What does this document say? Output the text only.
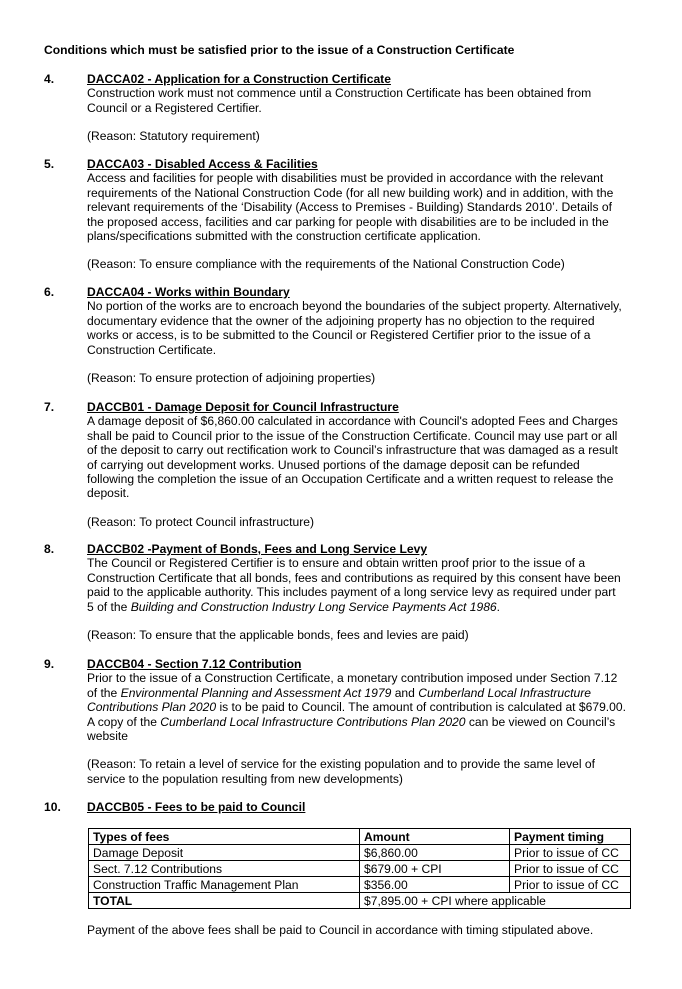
Conditions which must be satisfied prior to the issue of a Construction Certificate
4.	DACCA02 - Application for a Construction Certificate
Construction work must not commence until a Construction Certificate has been obtained from
Council or a Registered Certifier.
(Reason: Statutory requirement)
5.	DACCA03 - Disabled Access & Facilities
Access and facilities for people with disabilities must be provided in accordance with the relevant
requirements of the National Construction Code (for all new building work) and in addition, with the
relevant requirements of the ‘Disability (Access to Premises - Building) Standards 2010’. Details of
the proposed access, facilities and car parking for people with disabilities are to be included in the
plans/specifications submitted with the construction certificate application.
(Reason: To ensure compliance with the requirements of the National Construction Code)
6.	DACCA04 - Works within Boundary
No portion of the works are to encroach beyond the boundaries of the subject property. Alternatively,
documentary evidence that the owner of the adjoining property has no objection to the required
works or access, is to be submitted to the Council or Registered Certifier prior to the issue of a
Construction Certificate.
(Reason: To ensure protection of adjoining properties)
7.	DACCB01 - Damage Deposit for Council Infrastructure
A damage deposit of $6,860.00 calculated in accordance with Council's adopted Fees and Charges
shall be paid to Council prior to the issue of the Construction Certificate. Council may use part or all
of the deposit to carry out rectification work to Council’s infrastructure that was damaged as a result
of carrying out development works. Unused portions of the damage deposit can be refunded
following the completion the issue of an Occupation Certificate and a written request to release the
deposit.
(Reason: To protect Council infrastructure)
8.	DACCB02 -Payment of Bonds, Fees and Long Service Levy
The Council or Registered Certifier is to ensure and obtain written proof prior to the issue of a
Construction Certificate that all bonds, fees and contributions as required by this consent have been
paid to the applicable authority. This includes payment of a long service levy as required under part
5 of the Building and Construction Industry Long Service Payments Act 1986.
(Reason: To ensure that the applicable bonds, fees and levies are paid)
9.	DACCB04 - Section 7.12 Contribution
Prior to the issue of a Construction Certificate, a monetary contribution imposed under Section 7.12
of the Environmental Planning and Assessment Act 1979 and Cumberland Local Infrastructure
Contributions Plan 2020 is to be paid to Council. The amount of contribution is calculated at $679.00.
A copy of the Cumberland Local Infrastructure Contributions Plan 2020 can be viewed on Council’s
website
(Reason: To retain a level of service for the existing population and to provide the same level of
service to the population resulting from new developments)
10. DACCB05 - Fees to be paid to Council
Types of fees	Amount	Payment timing
Damage Deposit	$6,860.00	Prior to issue of CC
Sect. 7.12 Contributions	$679.00 + CPI	Prior to issue of CC
Construction Traffic Management Plan	$356.00	Prior to issue of CC
TOTAL	$7,895.00 + CPI where applicable	
Payment of the above fees shall be paid to Council in accordance with timing stipulated above.
